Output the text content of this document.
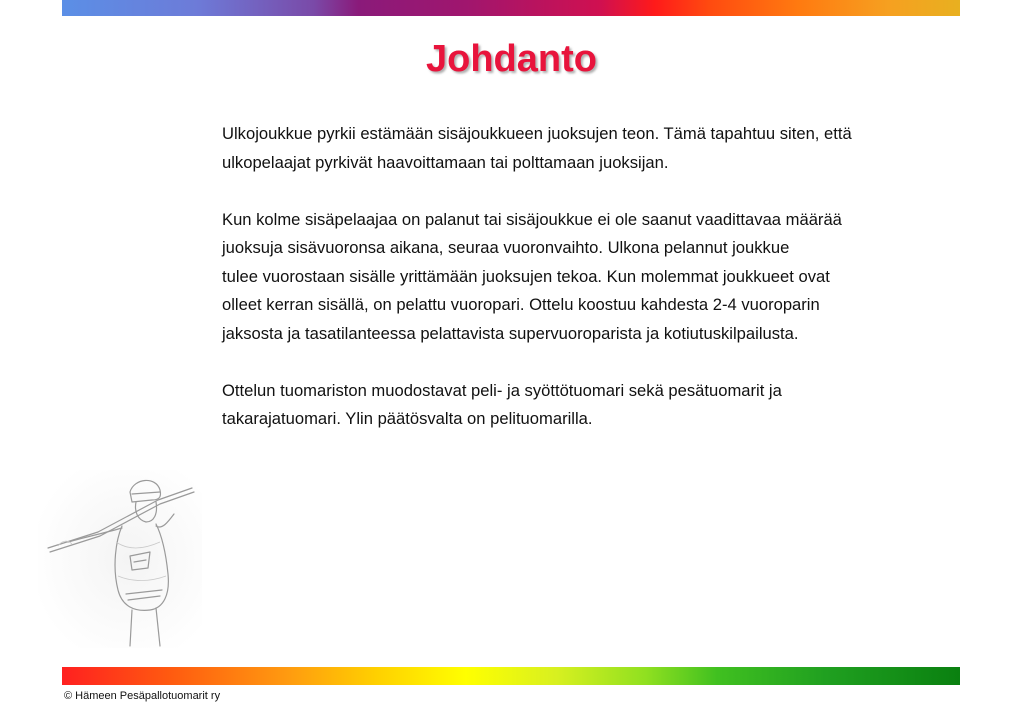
Johdanto

Ulkojoukkue pyrkii estämään sisäjoukkueen juoksujen teon. Tämä tapahtuu siten, että
ulkopelaajat pyrkivät haavoittamaan tai polttamaan juoksijan.

Kun kolme sisäpelaajaa on palanut tai sisäjoukkue ei ole saanut vaadittavaa määrää
juoksuja sisävuoronsa aikana, seuraa vuoronvaihto. Ulkona pelannut joukkue
tulee vuorostaan sisälle yrittämään juoksujen tekoa. Kun molemmat joukkueet ovat
olleet kerran sisällä, on pelattu vuoropari. Ottelu koostuu kahdesta 2-4 vuoroparin
jaksosta ja tasatilanteessa pelattavista supervuoroparista ja kotiutuskilpailusta.

Ottelun tuomariston muodostavat peli- ja syöttötuomari sekä pesätuomarit ja
takarajatuomari. Ylin päätösvalta on pelituomarilla.

© Hämeen Pesäpallotuomarit ry
